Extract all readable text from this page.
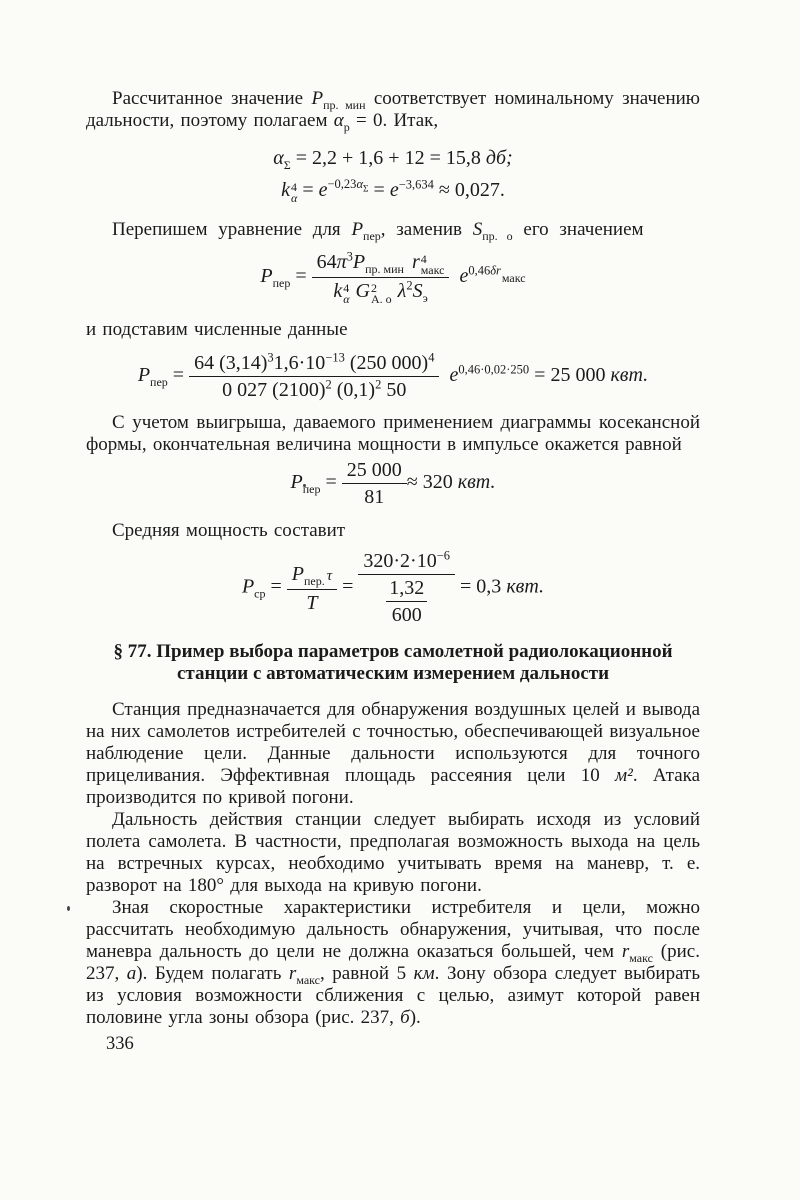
Рассчитанное значение $P_{пр. мин}$ соответствует номинальному значению дальности, поэтому полагаем $\alpha_р = 0$. Итак,

$\alpha_\Sigma = 2,2 + 1,6 + 12 = 15,8$ дб;
k 4
$\alpha = e^{-0,23\alpha_\Sigma} = e^{-3,634} \approx 0,027$.

Перепишем уравнение для $P_{пер}$, заменив $S_{пр. о}$ его значением

$P_{пер} = 64\pi^3P_{пр. мин}$ r 4
макс
k 4
α G 2
А. о $\lambda^2S_э$ $e^{0,46\delta r}макс$

и подставим численные данные

$P_{пер} = \frac{64 (3,14)^31,6\cdot 10^{-13} (250 000)^4}{0 027 (2100)^2 (0,1)^2 50} e^{0,46\cdot 0,02\cdot 250} = 25$ 000 квт.

С учетом выигрыша, даваемого применением диаграммы косекансной формы, окончательная величина мощности в импульсе окажется равной

$P_{пер} = \frac{25 000}{81} \approx 320$ квт.

Средняя мощность составит

$P_{ср} = \frac{P_{пер.} \tau}{T} = \frac{320\cdot 2\cdot 10^{-6}}{\frac{1,32}{600}} = 0,3$ квт.
§ 77. Пример выбора параметров самолетной радиолокационной станции с автоматическим измерением дальности

Станция предназначается для обнаружения воздушных целей и вывода на них самолетов истребителей с точностью, обеспечивающей визуальное наблюдение цели. Данные дальности используются для точного прицеливания. Эффективная площадь рассеяния цели 10 м². Атака производится по кривой погони.

Дальность действия станции следует выбирать исходя из условий полета самолета. В частности, предполагая возможность выхода на цель на встречных курсах, необходимо учитывать время на маневр, т. е. разворот на 180° для выхода на кривую погони.

Зная скоростные характеристики истребителя и цели, можно рассчитать необходимую дальность обнаружения, учитывая, что после маневра дальность до цели не должна оказаться большей, чем $r_{макс}$ (рис. 237, а). Будем полагать $r_{макс}$, равной 5 км. Зону обзора следует выбирать из условия возможности сближения с целью, азимут которой равен половине угла зоны обзора (рис. 237, б).

336
